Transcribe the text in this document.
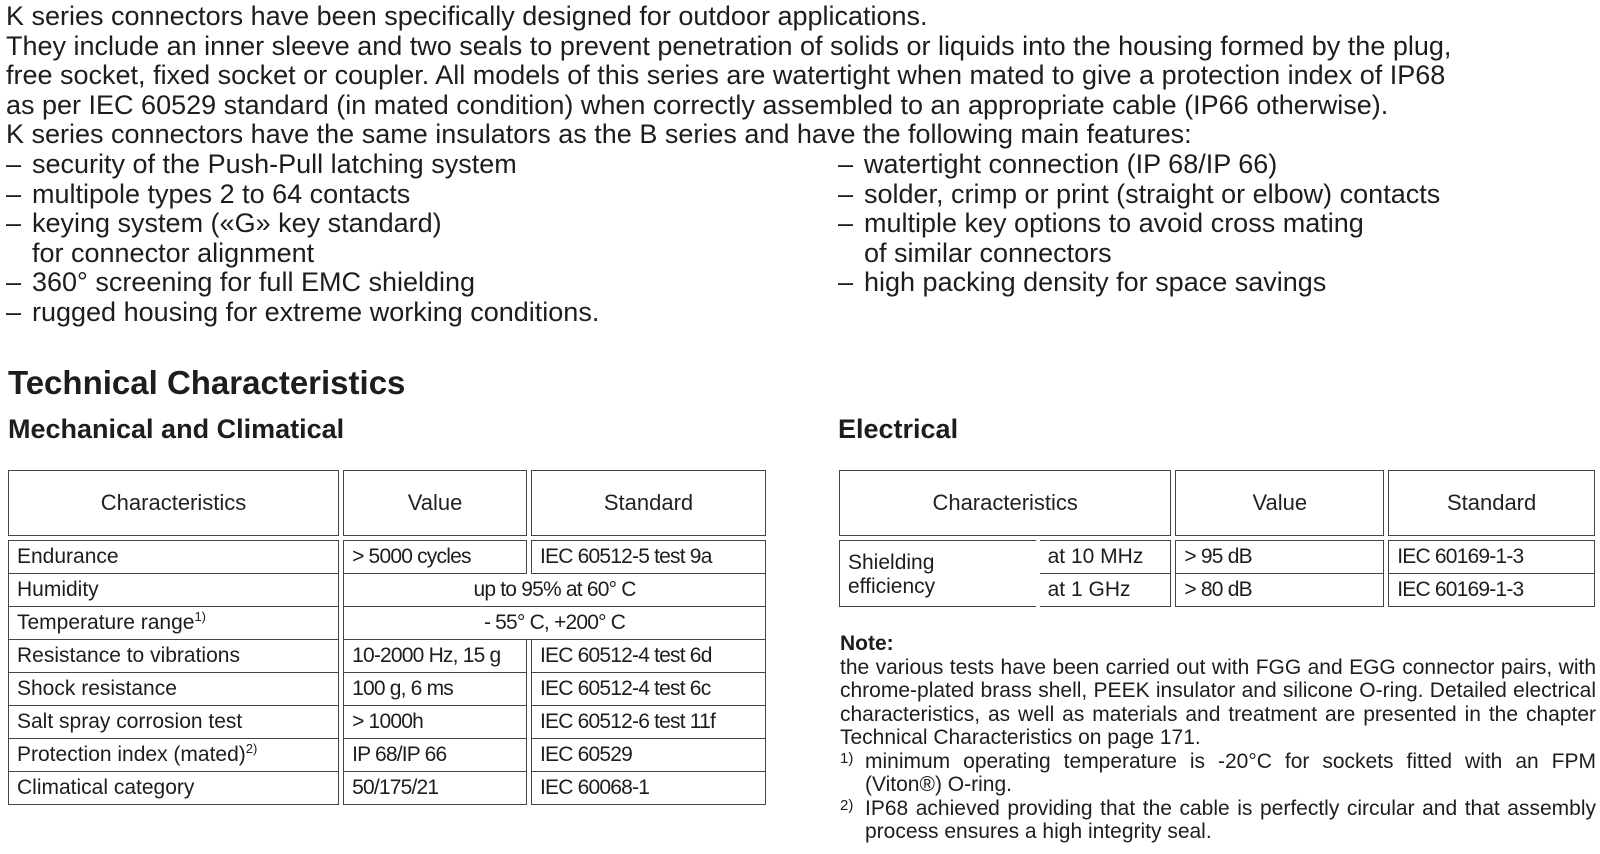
K series connectors have been specifically designed for outdoor applications.

They include an inner sleeve and two seals to prevent penetration of solids or liquids into the housing formed by the plug,

free socket, fixed socket or coupler. All models of this series are watertight when mated to give a protection index of IP68

as per IEC 60529 standard (in mated condition) when correctly assembled to an appropriate cable (IP66 otherwise).

K series connectors have the same insulators as the B series and have the following main features:

– security of the Push-Pull latching system
– multipole types 2 to 64 contacts
– keying system («G» key standard)
for connector alignment
– 360° screening for full EMC shielding
– rugged housing for extreme working conditions.
– watertight connection (IP 68/IP 66)
– solder, crimp or print (straight or elbow) contacts
– multiple key options to avoid cross mating
of similar connectors
– high packing density for space savings
Technical Characteristics
Mechanical and Climatical	Electrical
Characteristics	Value	Standard

Endurance	> 5000 cycles	IEC 60512-5 test 9a
Humidity	up to 95% at 60° C	
Temperature range$^{1)}$	- 55° C, +200° C	
Resistance to vibrations	10-2000 Hz, 15 g	IEC 60512-4 test 6d
Shock resistance	100 g, 6 ms	IEC 60512-4 test 6c
Salt spray corrosion test	> 1000h	IEC 60512-6 test 11f
Protection index (mated)$^{2)}$	IP 68/IP 66	IEC 60529
Climatical category	50/175/21	IEC 60068-1
Characteristics		Value	Standard

Shielding
efficiency	at 10 MHz	> 95 dB	IEC 60169-1-3
	at 1 GHz	> 80 dB	IEC 60169-1-3
Note:

the various tests have been carried out with FGG and EGG connector pairs, with chrome-plated brass shell, PEEK insulator and silicone O-ring. Detailed electrical characteristics, as well as materials and treatment are presented in the chapter Technical Characteristics on page 171.

1) minimum operating temperature is -20°C for sockets fitted with an FPM (Viton®) O-ring.
2) IP68 achieved providing that the cable is perfectly circular and that assembly process ensures a high integrity seal.
